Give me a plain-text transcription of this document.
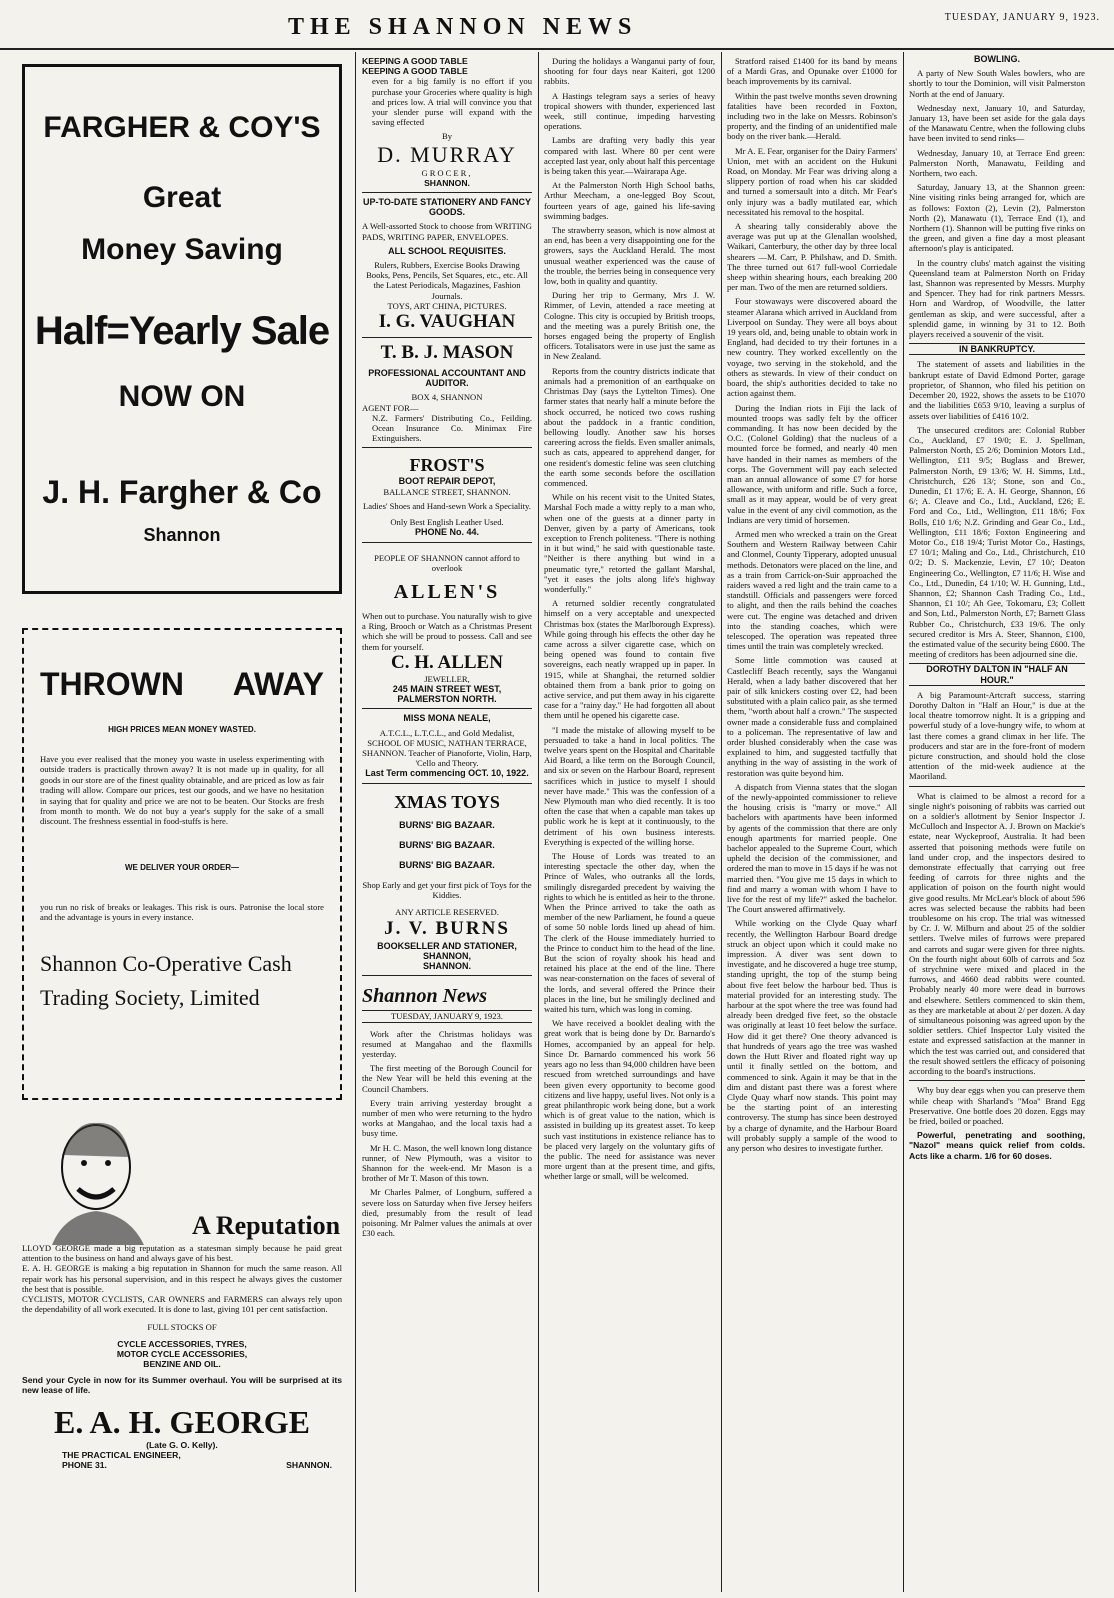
THE SHANNON NEWS	TUESDAY, JANUARY 9, 1923.
FARGHER & COY'S
Great
Money Saving
Half=Yearly Sale
NOW ON
J. H. Fargher & Co
Shannon
THROWN AWAY
HIGH PRICES MEAN MONEY WASTED.
Have you ever realised that the money you waste in useless experimenting with outside traders is practically thrown away? It is not made up in quality, for all goods in our store are of the finest quality obtainable, and are priced as low as fair trading will allow. Compare our prices, test our goods, and we have no hesitation in saying that for quality and price we are not to be beaten. Our Stocks are fresh from month to month. We do not buy a year's supply for the sake of a small discount. The freshness essential in food-stuffs is here.
WE DELIVER YOUR ORDER—
you run no risk of breaks or leakages. This risk is ours. Patronise the local store and the advantage is yours in every instance.
Shannon Co-Operative Cash
Trading Society, Limited
A Reputation
LLOYD GEORGE made a big reputation as a statesman simply because he paid great attention to the business on hand and always gave of his best.
E. A. H. GEORGE is making a big reputation in Shannon for much the same reason. All repair work has his personal supervision, and in this respect he always gives the customer the best that is possible.
CYCLISTS, MOTOR CYCLISTS, CAR OWNERS and FARMERS can always rely upon the dependability of all work executed. It is done to last, giving 101 per cent satisfaction.
FULL STOCKS OF
CYCLE ACCESSORIES, TYRES,
MOTOR CYCLE ACCESSORIES,
BENZINE AND OIL.
Send your Cycle in now for its Summer overhaul. You will be surprised at its new lease of life.
E. A. H. GEORGE
(Late G. O. Kelly).
THE PRACTICAL ENGINEER,
PHONE 31.	SHANNON.
KEEPING A GOOD TABLE
KEEPING A GOOD TABLE
even for a big family is no effort if you purchase your Groceries where quality is high and prices low. A trial will convince you that your slender purse will expand with the saving effected
By
D. MURRAY
GROCER,
SHANNON.
UP-TO-DATE STATIONERY AND FANCY GOODS.
A Well-assorted Stock to choose from WRITING PADS, WRITING PAPER, ENVELOPES.
ALL SCHOOL REQUISITES.
Rulers, Rubbers, Exercise Books Drawing Books, Pens, Pencils, Set Squares, etc., etc. All the Latest Periodicals, Magazines, Fashion Journals.
TOYS, ART CHINA, PICTURES.
I. G. VAUGHAN
T. B. J. MASON
PROFESSIONAL ACCOUNTANT AND AUDITOR.
BOX 4, SHANNON
AGENT FOR—
N.Z. Farmers' Distributing Co., Feilding. Ocean Insurance Co. Minimax Fire Extinguishers.
FROST'S
BOOT REPAIR DEPOT,
BALLANCE STREET, SHANNON.
Ladies' Shoes and Hand-sewn Work a Speciality.
Only Best English Leather Used.
PHONE No. 44.
PEOPLE OF SHANNON cannot afford to overlook
ALLEN'S
When out to purchase. You naturally wish to give a Ring, Brooch or Watch as a Christmas Present which she will be proud to possess. Call and see them for yourself.
C. H. ALLEN
JEWELLER,
245 MAIN STREET WEST,
PALMERSTON NORTH.
MISS MONA NEALE,
A.T.C.L., L.T.C.L., and Gold Medalist, SCHOOL OF MUSIC, NATHAN TERRACE, SHANNON. Teacher of Pianoforte, Violin, Harp, 'Cello and Theory.
Last Term commencing OCT. 10, 1922.
XMAS TOYS
BURNS' BIG BAZAAR.
BURNS' BIG BAZAAR.
BURNS' BIG BAZAAR.
Shop Early and get your first pick of Toys for the Kiddies.
ANY ARTICLE RESERVED.
J. V. BURNS
BOOKSELLER AND STATIONER,
SHANNON,
SHANNON.
Shannon News
TUESDAY, JANUARY 9, 1923.

Work after the Christmas holidays was resumed at Mangahao and the flaxmills yesterday.

The first meeting of the Borough Council for the New Year will be held this evening at the Council Chambers.

Every train arriving yesterday brought a number of men who were returning to the hydro works at Mangahao, and the local taxis had a busy time.

Mr H. C. Mason, the well known long distance runner, of New Plymouth, was a visitor to Shannon for the week-end. Mr Mason is a brother of Mr T. Mason of this town.

Mr Charles Palmer, of Longburn, suffered a severe loss on Saturday when five Jersey heifers died, presumably from the result of lead poisoning. Mr Palmer values the animals at over £30 each.

During the holidays a Wanganui party of four, shooting for four days near Kaiteri, got 1200 rabbits.

A Hastings telegram says a series of heavy tropical showers with thunder, experienced last week, still continue, impeding harvesting operations.

Lambs are drafting very badly this year compared with last. Where 80 per cent were accepted last year, only about half this percentage is being taken this year.—Wairarapa Age.

At the Palmerston North High School baths, Arthur Meecham, a one-legged Boy Scout, fourteen years of age, gained his life-saving swimming badges.

The strawberry season, which is now almost at an end, has been a very disappointing one for the growers, says the Auckland Herald. The most unusual weather experienced was the cause of the trouble, the berries being in consequence very low, both in quality and quantity.

During her trip to Germany, Mrs J. W. Rimmer, of Levin, attended a race meeting at Cologne. This city is occupied by British troops, and the meeting was a purely British one, the horses engaged being the property of English officers. Totalisators were in use just the same as in New Zealand.

Reports from the country districts indicate that animals had a premonition of an earthquake on Christmas Day (says the Lyttelton Times). One farmer states that nearly half a minute before the shock occurred, he noticed two cows rushing about the paddock in a frantic condition, bellowing loudly. Another saw his horses careering across the fields. Even smaller animals, such as cats, appeared to apprehend danger, for one resident's domestic feline was seen clutching the earth some seconds before the oscillation commenced.

While on his recent visit to the United States, Marshal Foch made a witty reply to a man who, when one of the guests at a dinner party in Denver, given by a party of Americans, took exception to French politeness. "There is nothing in it but wind," he said with questionable taste. "Neither is there anything but wind in a pneumatic tyre," retorted the gallant Marshal, "yet it eases the jolts along life's highway wonderfully."

A returned soldier recently congratulated himself on a very acceptable and unexpected Christmas box (states the Marlborough Express). While going through his effects the other day he came across a silver cigarette case, which on being opened was found to contain five sovereigns, each neatly wrapped up in paper. In 1915, while at Shanghai, the returned soldier obtained them from a bank prior to going on active service, and put them away in his cigarette case for a "rainy day." He had forgotten all about them until he opened his cigarette case.

"I made the mistake of allowing myself to be persuaded to take a hand in local politics. The twelve years spent on the Hospital and Charitable Aid Board, a like term on the Borough Council, and six or seven on the Harbour Board, represent sacrifices which in justice to myself I should never have made." This was the confession of a New Plymouth man who died recently. It is too often the case that when a capable man takes up public work he is kept at it continuously, to the detriment of his own business interests. Everything is expected of the willing horse.

The House of Lords was treated to an interesting spectacle the other day, when the Prince of Wales, who outranks all the lords, smilingly disregarded precedent by waiving the rights to which he is entitled as heir to the throne. When the Prince arrived to take the oath as member of the new Parliament, he found a queue of some 50 noble lords lined up ahead of him. The clerk of the House immediately hurried to the Prince to conduct him to the head of the line. But the scion of royalty shook his head and retained his place at the end of the line. There was near-consternation on the faces of several of the lords, and several offered the Prince their places in the line, but he smilingly declined and waited his turn, which was long in coming.

We have received a booklet dealing with the great work that is being done by Dr. Barnardo's Homes, accompanied by an appeal for help. Since Dr. Barnardo commenced his work 56 years ago no less than 94,000 children have been rescued from wretched surroundings and have been given every opportunity to become good citizens and live happy, useful lives. Not only is a great philanthropic work being done, but a work which is of great value to the nation, which is assisted in building up its greatest asset. To keep such vast institutions in existence reliance has to be placed very largely on the voluntary gifts of the public. The need for assistance was never more urgent than at the present time, and gifts, whether large or small, will be welcomed.

Stratford raised £1400 for its band by means of a Mardi Gras, and Opunake over £1000 for beach improvements by its carnival.

Within the past twelve months seven drowning fatalities have been recorded in Foxton, including two in the lake on Messrs. Robinson's property, and the finding of an unidentified male body on the river bank.—Herald.

Mr A. E. Fear, organiser for the Dairy Farmers' Union, met with an accident on the Hukuni Road, on Monday. Mr Fear was driving along a slippery portion of road when his car skidded and turned a somersault into a ditch. Mr Fear's only injury was a badly mutilated ear, which necessitated his removal to the hospital.

A shearing tally considerably above the average was put up at the Glenallan woolshed, Waikari, Canterbury, the other day by three local shearers —M. Carr, P. Philshaw, and D. Smith. The three turned out 617 full-wool Corriedale sheep within shearing hours, each breaking 200 per man. Two of the men are returned soldiers.

Four stowaways were discovered aboard the steamer Alarana which arrived in Auckland from Liverpool on Sunday. They were all boys about 19 years old, and, being unable to obtain work in England, had decided to try their fortunes in a new country. They worked excellently on the voyage, two serving in the stokehold, and the others as stewards. In view of their conduct on board, the ship's authorities decided to take no action against them.

During the Indian riots in Fiji the lack of mounted troops was sadly felt by the officer commanding. It has now been decided by the O.C. (Colonel Golding) that the nucleus of a mounted force be formed, and nearly 40 men have handed in their names as members of the corps. The Government will pay each selected man an annual allowance of some £7 for horse allowance, with uniform and rifle. Such a force, small as it may appear, would be of very great value in the event of any civil commotion, as the Indians are very timid of horsemen.

Armed men who wrecked a train on the Great Southern and Western Railway between Cahir and Clonmel, County Tipperary, adopted unusual methods. Detonators were placed on the line, and as a train from Carrick-on-Suir approached the raiders waved a red light and the train came to a standstill. Officials and passengers were forced to alight, and then the rails behind the coaches were cut. The engine was detached and driven into the standing coaches, which were telescoped. The operation was repeated three times until the train was completely wrecked.

Some little commotion was caused at Castlecliff Beach recently, says the Wanganui Herald, when a lady bather discovered that her pair of silk knickers costing over £2, had been substituted with a plain calico pair, as she termed them, "worth about half a crown." The suspected owner made a considerable fuss and complained to a policeman. The representative of law and order blushed considerably when the case was explained to him, and suggested tactfully that anything in the way of assisting in the work of restoration was quite beyond him.

A dispatch from Vienna states that the slogan of the newly-appointed commissioner to relieve the housing crisis is "marry or move." All bachelors with apartments have been informed by agents of the commission that there are only enough apartments for married people. One bachelor appealed to the Supreme Court, which upheld the decision of the commissioner, and ordered the man to move in 15 days if he was not married then. "You give me 15 days in which to find and marry a woman with whom I have to live for the rest of my life?" asked the bachelor. The Court answered affirmatively.

While working on the Clyde Quay wharf recently, the Wellington Harbour Board dredge struck an object upon which it could make no impression. A diver was sent down to investigate, and he discovered a huge tree stump, standing upright, the top of the stump being about five feet below the harbour bed. Thus is material provided for an interesting study. The harbour at the spot where the tree was found had already been dredged five feet, so the obstacle was originally at least 10 feet below the surface. How did it get there? One theory advanced is that hundreds of years ago the tree was washed down the Hutt River and floated right way up until it finally settled on the bottom, and commenced to sink. Again it may be that in the dim and distant past there was a forest where Clyde Quay wharf now stands. This point may be the starting point of an interesting controversy. The stump has since been destroyed by a charge of dynamite, and the Harbour Board will probably supply a sample of the wood to any person who desires to investigate further.

BOWLING.

A party of New South Wales bowlers, who are shortly to tour the Dominion, will visit Palmerston North at the end of January.

Wednesday next, January 10, and Saturday, January 13, have been set aside for the gala days of the Manawatu Centre, when the following clubs have been invited to send rinks—

Wednesday, January 10, at Terrace End green: Palmerston North, Manawatu, Feilding and Northern, two each.

Saturday, January 13, at the Shannon green: Nine visiting rinks being arranged for, which are as follows: Foxton (2), Levin (2), Palmerston North (2), Manawatu (1), Terrace End (1), and Northern (1). Shannon will be putting five rinks on the green, and given a fine day a most pleasant afternoon's play is anticipated.

In the country clubs' match against the visiting Queensland team at Palmerston North on Friday last, Shannon was represented by Messrs. Murphy and Spencer. They had for rink partners Messrs. Horn and Wardrop, of Woodville, the latter gentleman as skip, and were successful, after a splendid game, in winning by 31 to 12. Both players received a souvenir of the visit.

IN BANKRUPTCY.

The statement of assets and liabilities in the bankrupt estate of David Edmond Porter, garage proprietor, of Shannon, who filed his petition on December 20, 1922, shows the assets to be £1070 and the liabilities £653 9/10, leaving a surplus of assets over liabilities of £416 10/2.

The unsecured creditors are: Colonial Rubber Co., Auckland, £7 19/0; E. J. Spellman, Palmerston North, £5 2/6; Dominion Motors Ltd., Wellington, £11 9/5; Buglass and Brewer, Palmerston North, £9 13/6; W. H. Simms, Ltd., Christchurch, £26 13/; Stone, son and Co., Dunedin, £1 17/6; E. A. H. George, Shannon, £6 6/; A. Cleave and Co., Ltd., Auckland, £26; E. Ford and Co., Ltd., Wellington, £11 18/6; Fox Bolls, £10 1/6; N.Z. Grinding and Gear Co., Ltd., Wellington, £11 18/6; Foxton Engineering and Motor Co., £18 19/4; Turist Motor Co., Hastings, £7 10/1; Maling and Co., Ltd., Christchurch, £10 0/2; D. S. Mackenzie, Levin, £7 10/; Deaton Engineering Co., Wellington, £7 11/6; H. Wise and Co., Ltd., Dunedin, £4 1/10; W. H. Gunning, Ltd., Shannon, £2; Shannon Cash Trading Co., Ltd., Shannon, £1 10/; Ah Gee, Tokomaru, £3; Collett and Son, Ltd., Palmerston North, £7; Barnett Glass Rubber Co., Christchurch, £33 19/6. The only secured creditor is Mrs A. Steer, Shannon, £100, the estimated value of the security being £600. The meeting of creditors has been adjourned sine die.

DOROTHY DALTON IN "HALF AN HOUR."

A big Paramount-Artcraft success, starring Dorothy Dalton in "Half an Hour," is due at the local theatre tomorrow night. It is a gripping and powerful study of a love-hungry wife, to whom at last there comes a grand climax in her life. The producers and star are in the fore-front of modern picture construction, and should hold the close attention of the mid-week audience at the Maoriland.

What is claimed to be almost a record for a single night's poisoning of rabbits was carried out on a soldier's allotment by Senior Inspector J. McCulloch and Inspector A. J. Brown on Mackie's estate, near Wyckeproof, Australia. It had been asserted that poisoning methods were futile on land under crop, and the inspectors desired to demonstrate effectually that carrying out free feeding of carrots for three nights and the application of poison on the fourth night would give good results. Mr McLear's block of about 596 acres was selected because the rabbits had been troublesome on his crop. The trial was witnessed by Cr. J. W. Milburn and about 25 of the soldier settlers. Twelve miles of furrows were prepared and carrots and sugar were given for three nights. On the fourth night about 60lb of carrots and 5oz of strychnine were mixed and placed in the furrows, and 4660 dead rabbits were counted. Probably nearly 40 more were dead in burrows and elsewhere. Settlers commenced to skin them, as they are marketable at about 2/ per dozen. A day of simultaneous poisoning was agreed upon by the soldier settlers. Chief Inspector Luly visited the estate and expressed satisfaction at the manner in which the test was carried out, and considered that the result showed settlers the efficacy of poisoning according to the board's instructions.

Why buy dear eggs when you can preserve them while cheap with Sharland's "Moa" Brand Egg Preservative. One bottle does 20 dozen. Eggs may be fried, boiled or poached.

Powerful, penetrating and soothing, "Nazol" means quick relief from colds. Acts like a charm. 1/6 for 60 doses.
